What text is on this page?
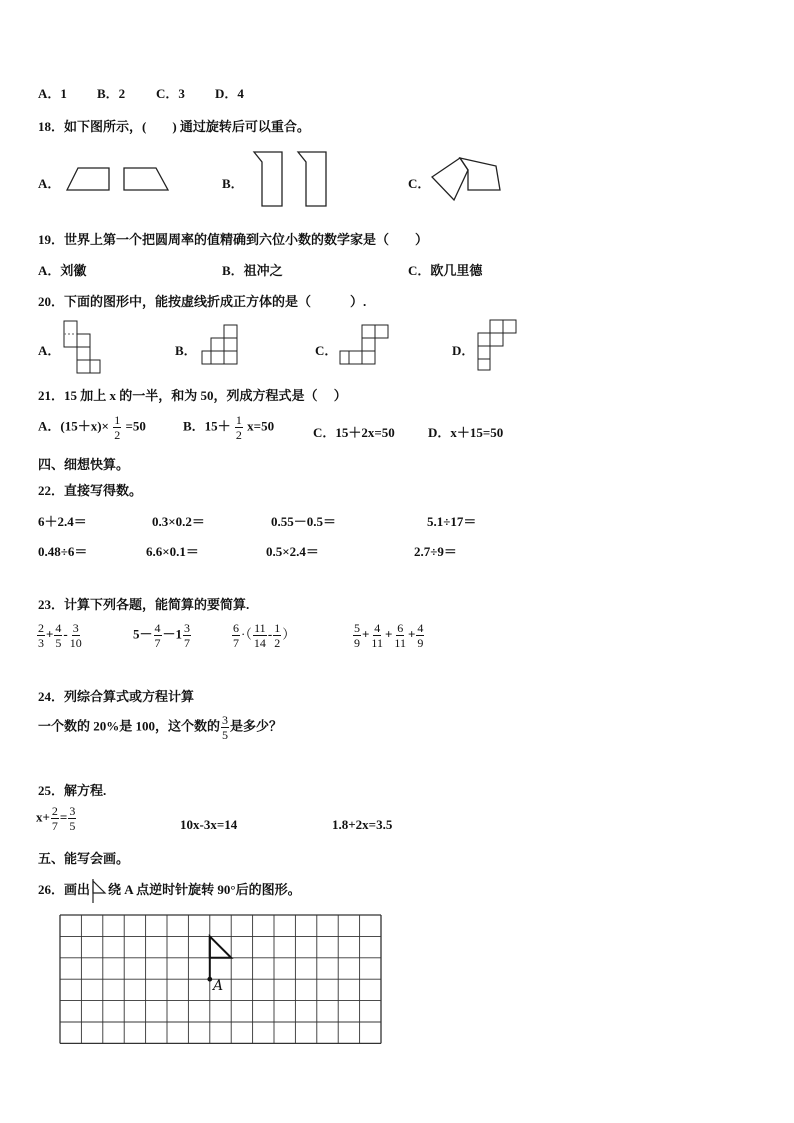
A．1 B．2 C．3 D．4
18．如下图所示，(　　) 通过旋转后可以重合。
A．	B．	C．
19．世界上第一个把圆周率的值精确到六位小数的数学家是（　　）
A．刘徽	B．祖冲之	C．欧几里德
20．下面的图形中，能按虚线折成正方体的是（　　　）.
A．	B．	C．	D．
21．15 加上 x 的一半，和为 50，列成方程式是（　 ）
A．$(15+x)\times \frac{1}{2} =50$	B．$15+ \frac{1}{2} x=50$	C．15＋2x=50	D．x＋15=50
四、细想快算。
22．直接写得数。
6＋2.4＝	0.3×0.2＝	0.55－0.5＝	5.1÷17＝
0.48÷6＝	6.6×0.1＝	0.5×2.4＝	2.7÷9＝
23．计算下列各题，能简算的要简算.
$\frac{2}{3} + \frac{4}{5} - \frac{3}{10}$	$5- \frac{4}{7} -1 \frac{3}{7}$	$\frac{6}{7}$ ·（ $\frac{11}{14} - \frac{1}{2}$ ）	$\frac{5}{9} + \frac{4}{11} + \frac{6}{11} + \frac{4}{9}$
24．列综合算式或方程计算
一个数的 20%是 100，这个数的 $\frac{3}{5}$ 是多少？
25．解方程.
$x+ \frac{2}{7} = \frac{3}{5}$	10x-3x=14	1.8+2x=3.5
五、能写会画。
26．画出 绕 A 点逆时针旋转 90°后的图形。
A
